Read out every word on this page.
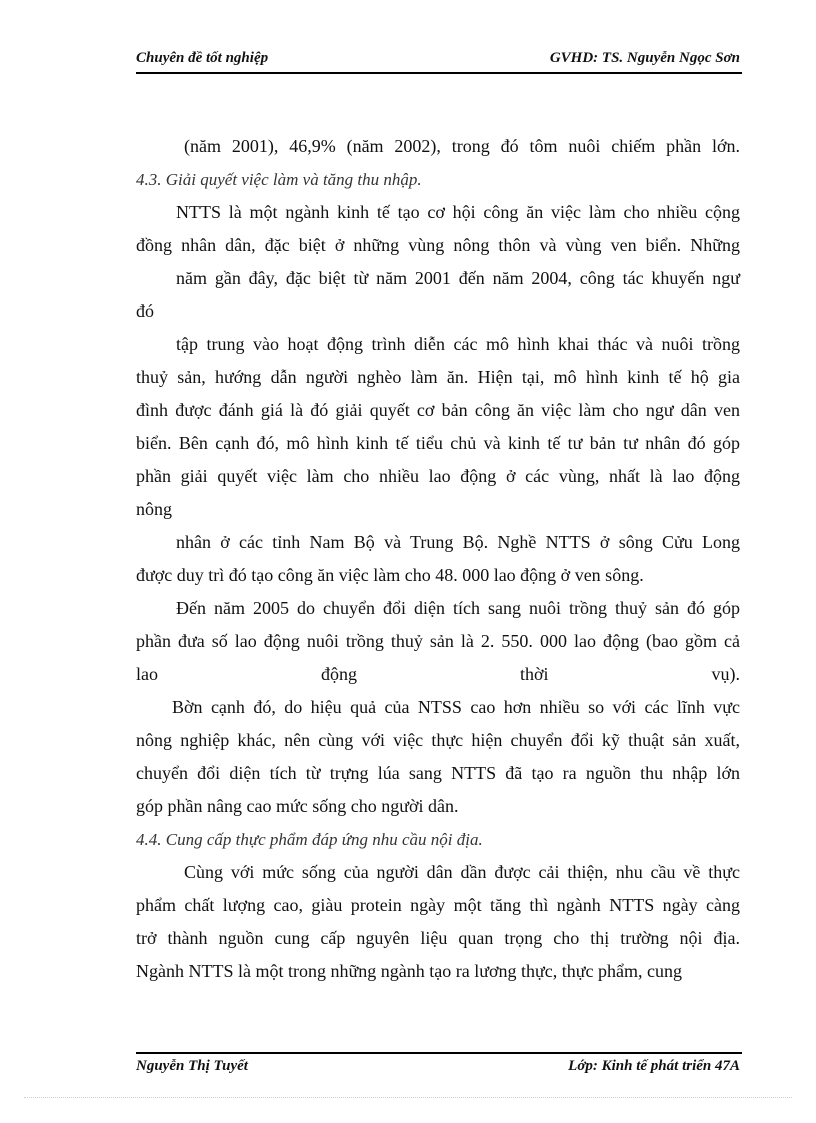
Chuyên đề tốt nghiệp	GVHD: TS. Nguyễn Ngọc Sơn
(năm 2001), 46,9% (năm 2002), trong đó tôm nuôi chiếm phần lớn.
4.3. Giải quyết việc làm và tăng thu nhập.
NTTS là một ngành kinh tế tạo cơ hội công ăn việc làm cho nhiều cộng
đồng nhân dân, đặc biệt ở những vùng nông thôn và vùng ven biển. Những
năm gần đây, đặc biệt từ năm 2001 đến năm 2004, công tác khuyến ngư
đó
tập trung vào hoạt động trình diễn các mô hình khai thác và nuôi trồng
thuỷ sản, hướng dẫn người nghèo làm ăn. Hiện tại, mô hình kinh tế hộ gia
đình được đánh giá là đó giải quyết cơ bản công ăn việc làm cho ngư dân ven
biển. Bên cạnh đó, mô hình kinh tế tiểu chủ và kinh tế tư bản tư nhân đó góp
phần giải quyết việc làm cho nhiều lao động ở các vùng, nhất là lao động
nông
nhân ở các tỉnh Nam Bộ và Trung Bộ. Nghề NTTS ở sông Cửu Long
được duy trì đó tạo công ăn việc làm cho 48. 000 lao động ở ven sông.
Đến năm 2005 do chuyển đổi diện tích sang nuôi trồng thuỷ sản đó góp
phần đưa số lao động nuôi trồng thuỷ sản là 2. 550. 000 lao động (bao gồm cả
lao động thời vụ).
Bờn cạnh đó, do hiệu quả của NTSS cao hơn nhiều so với các lĩnh vực
nông nghiệp khác, nên cùng với việc thực hiện chuyển đổi kỹ thuật sản xuất,
chuyển đổi diện tích từ trựng lúa sang NTTS đã tạo ra nguồn thu nhập lớn
góp phần nâng cao mức sống cho người dân.
4.4. Cung cấp thực phẩm đáp ứng nhu cầu nội địa.
Cùng với mức sống của người dân dần được cải thiện, nhu cầu về thực
phẩm chất lượng cao, giàu protein ngày một tăng thì ngành NTTS ngày càng
trở thành nguồn cung cấp nguyên liệu quan trọng cho thị trường nội địa.
Ngành NTTS là một trong những ngành tạo ra lương thực, thực phẩm, cung
Nguyễn Thị Tuyết	Lớp: Kinh tế phát triển 47A
